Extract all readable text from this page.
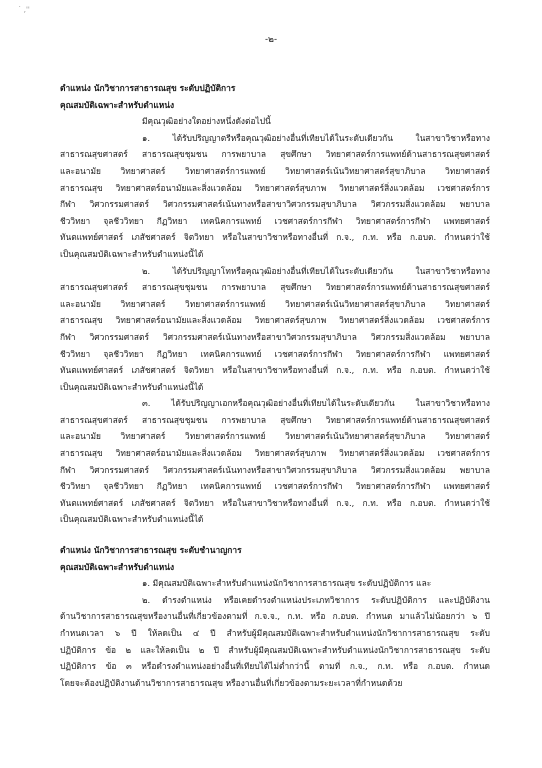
˙ ,''
-๒-
ตำแหน่ง นักวิชาการสาธารณสุข ระดับปฏิบัติการ
คุณสมบัติเฉพาะสำหรับตำแหน่ง
มีคุณวุฒิอย่างใดอย่างหนึ่งดังต่อไปนี้
๑. ได้รับปริญญาตรีหรือคุณวุฒิอย่างอื่นที่เทียบได้ในระดับเดียวกัน ในสาขาวิชาหรือทาง
สาธารณสุขศาสตร์ สาธารณสุขชุมชน การพยาบาล สุขศึกษา วิทยาศาสตร์การแพทย์ด้านสาธารณสุขศาสตร์
และอนามัย วิทยาศาสตร์ วิทยาศาสตร์การแพทย์ วิทยาศาสตร์เน้นวิทยาศาสตร์สุขาภิบาล วิทยาศาสตร์
สาธารณสุข วิทยาศาสตร์อนามัยและสิ่งแวดล้อม วิทยาศาสตร์สุขภาพ วิทยาศาสตร์สิ่งแวดล้อม เวชศาสตร์การ
กีฬา วิศวกรรมศาสตร์ วิศวกรรมศาสตร์เน้นทางหรือสาขาวิศวกรรมสุขาภิบาล วิศวกรรมสิ่งแวดล้อม พยาบาล
ชีววิทยา จุลชีววิทยา กีฏวิทยา เทคนิคการแพทย์ เวชศาสตร์การกีฬา วิทยาศาสตร์การกีฬา แพทยศาสตร์
ทันตแพทย์ศาสตร์ เภสัชศาสตร์ จิตวิทยา หรือในสาขาวิชาหรือทางอื่นที่ ก.จ., ก.ท. หรือ ก.อบต. กำหนดว่าใช้
เป็นคุณสมบัติเฉพาะสำหรับตำแหน่งนี้ได้
๒. ได้รับปริญญาโทหรือคุณวุฒิอย่างอื่นที่เทียบได้ในระดับเดียวกัน ในสาขาวิชาหรือทาง
สาธารณสุขศาสตร์ สาธารณสุขชุมชน การพยาบาล สุขศึกษา วิทยาศาสตร์การแพทย์ด้านสาธารณสุขศาสตร์
และอนามัย วิทยาศาสตร์ วิทยาศาสตร์การแพทย์ วิทยาศาสตร์เน้นวิทยาศาสตร์สุขาภิบาล วิทยาศาสตร์
สาธารณสุข วิทยาศาสตร์อนามัยและสิ่งแวดล้อม วิทยาศาสตร์สุขภาพ วิทยาศาสตร์สิ่งแวดล้อม เวชศาสตร์การ
กีฬา วิศวกรรมศาสตร์ วิศวกรรมศาสตร์เน้นทางหรือสาขาวิศวกรรมสุขาภิบาล วิศวกรรมสิ่งแวดล้อม พยาบาล
ชีววิทยา จุลชีววิทยา กีฏวิทยา เทคนิคการแพทย์ เวชศาสตร์การกีฬา วิทยาศาสตร์การกีฬา แพทยศาสตร์
ทันตแพทย์ศาสตร์ เภสัชศาสตร์ จิตวิทยา หรือในสาขาวิชาหรือทางอื่นที่ ก.จ., ก.ท. หรือ ก.อบต. กำหนดว่าใช้
เป็นคุณสมบัติเฉพาะสำหรับตำแหน่งนี้ได้
๓. ได้รับปริญญาเอกหรือคุณวุฒิอย่างอื่นที่เทียบได้ในระดับเดียวกัน ในสาขาวิชาหรือทาง
สาธารณสุขศาสตร์ สาธารณสุขชุมชน การพยาบาล สุขศึกษา วิทยาศาสตร์การแพทย์ด้านสาธารณสุขศาสตร์
และอนามัย วิทยาศาสตร์ วิทยาศาสตร์การแพทย์ วิทยาศาสตร์เน้นวิทยาศาสตร์สุขาภิบาล วิทยาศาสตร์
สาธารณสุข วิทยาศาสตร์อนามัยและสิ่งแวดล้อม วิทยาศาสตร์สุขภาพ วิทยาศาสตร์สิ่งแวดล้อม เวชศาสตร์การ
กีฬา วิศวกรรมศาสตร์ วิศวกรรมศาสตร์เน้นทางหรือสาขาวิศวกรรมสุขาภิบาล วิศวกรรมสิ่งแวดล้อม พยาบาล
ชีววิทยา จุลชีววิทยา กีฏวิทยา เทคนิคการแพทย์ เวชศาสตร์การกีฬา วิทยาศาสตร์การกีฬา แพทยศาสตร์
ทันตแพทย์ศาสตร์ เภสัชศาสตร์ จิตวิทยา หรือในสาขาวิชาหรือทางอื่นที่ ก.จ., ก.ท. หรือ ก.อบต. กำหนดว่าใช้
เป็นคุณสมบัติเฉพาะสำหรับตำแหน่งนี้ได้
ตำแหน่ง นักวิชาการสาธารณสุข ระดับชำนาญการ
คุณสมบัติเฉพาะสำหรับตำแหน่ง
๑. มีคุณสมบัติเฉพาะสำหรับตำแหน่งนักวิชาการสาธารณสุข ระดับปฏิบัติการ และ
๒. ดำรงตำแหน่ง หรือเคยดำรงตำแหน่งประเภทวิชาการ ระดับปฏิบัติการ และปฏิบัติงาน
ด้านวิชาการสาธารณสุขหรืองานอื่นที่เกี่ยวข้องตามที่ ก.จ.จ., ก.ท. หรือ ก.อบต. กำหนด มาแล้วไม่น้อยกว่า ๖ ปี
กำหนดเวลา ๖ ปี ให้ลดเป็น ๔ ปี สำหรับผู้มีคุณสมบัติเฉพาะสำหรับตำแหน่งนักวิชาการสาธารณสุข ระดับ
ปฏิบัติการ ข้อ ๒ และให้ลดเป็น ๒ ปี สำหรับผู้มีคุณสมบัติเฉพาะสำหรับตำแหน่งนักวิชาการสาธารณสุข ระดับ
ปฏิบัติการ ข้อ ๓ หรือดำรงตำแหน่งอย่างอื่นที่เทียบได้ไม่ต่ำกว่านี้ ตามที่ ก.จ., ก.ท. หรือ ก.อบต. กำหนด
โดยจะต้องปฏิบัติงานด้านวิชาการสาธารณสุข หรืองานอื่นที่เกี่ยวข้องตามระยะเวลาที่กำหนดด้วย
